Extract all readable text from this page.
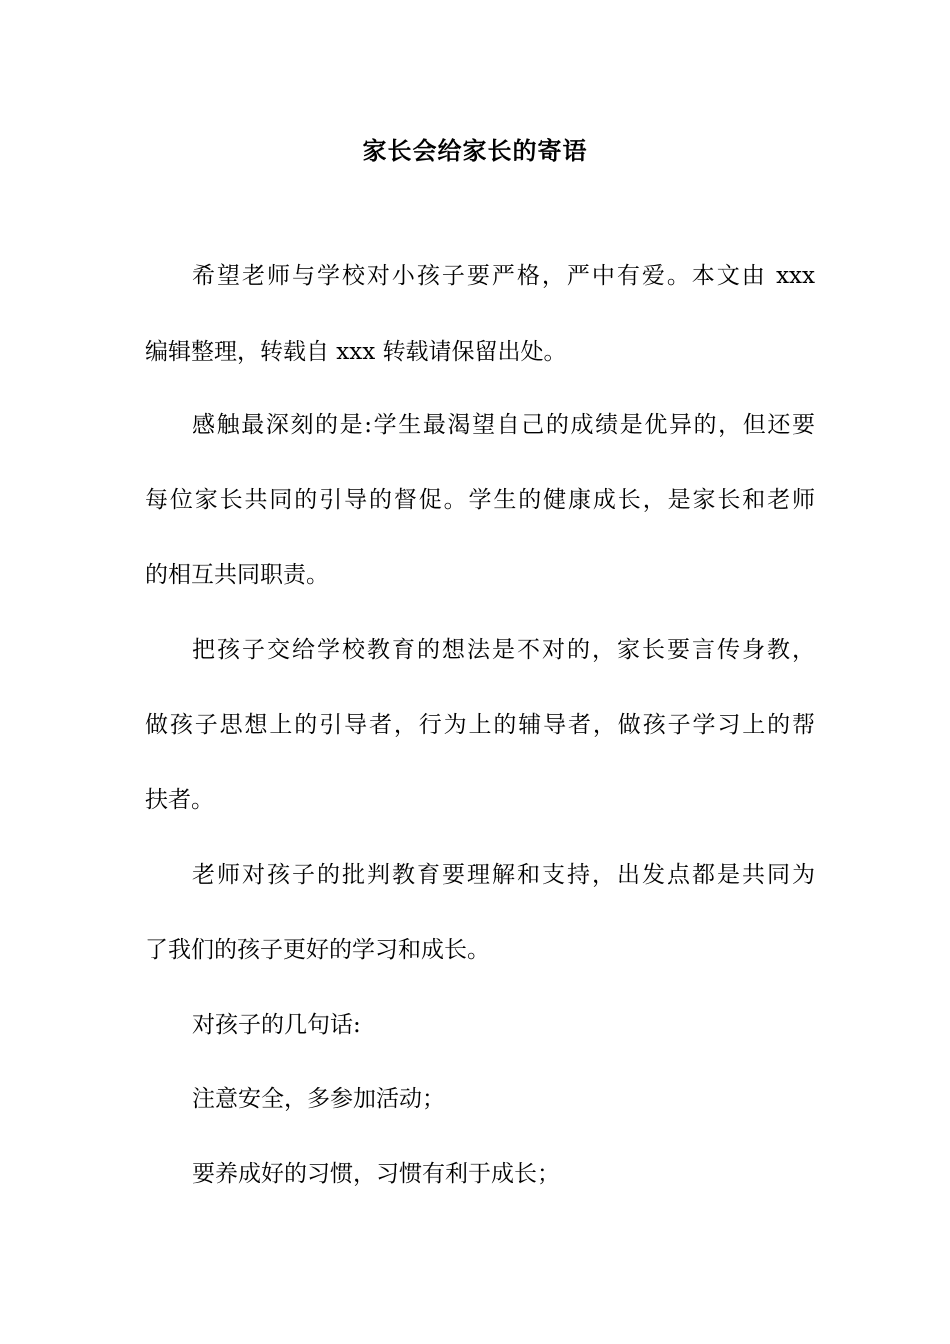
家长会给家长的寄语
希望老师与学校对小孩子要严格，严中有爱。本文由 xxx
编辑整理，转载自 xxx 转载请保留出处。
感触最深刻的是:学生最渴望自己的成绩是优异的，但还要
每位家长共同的引导的督促。学生的健康成长，是家长和老师
的相互共同职责。
把孩子交给学校教育的想法是不对的，家长要言传身教，
做孩子思想上的引导者，行为上的辅导者，做孩子学习上的帮
扶者。
老师对孩子的批判教育要理解和支持，出发点都是共同为
了我们的孩子更好的学习和成长。
对孩子的几句话:
注意安全，多参加活动；
要养成好的习惯，习惯有利于成长；
